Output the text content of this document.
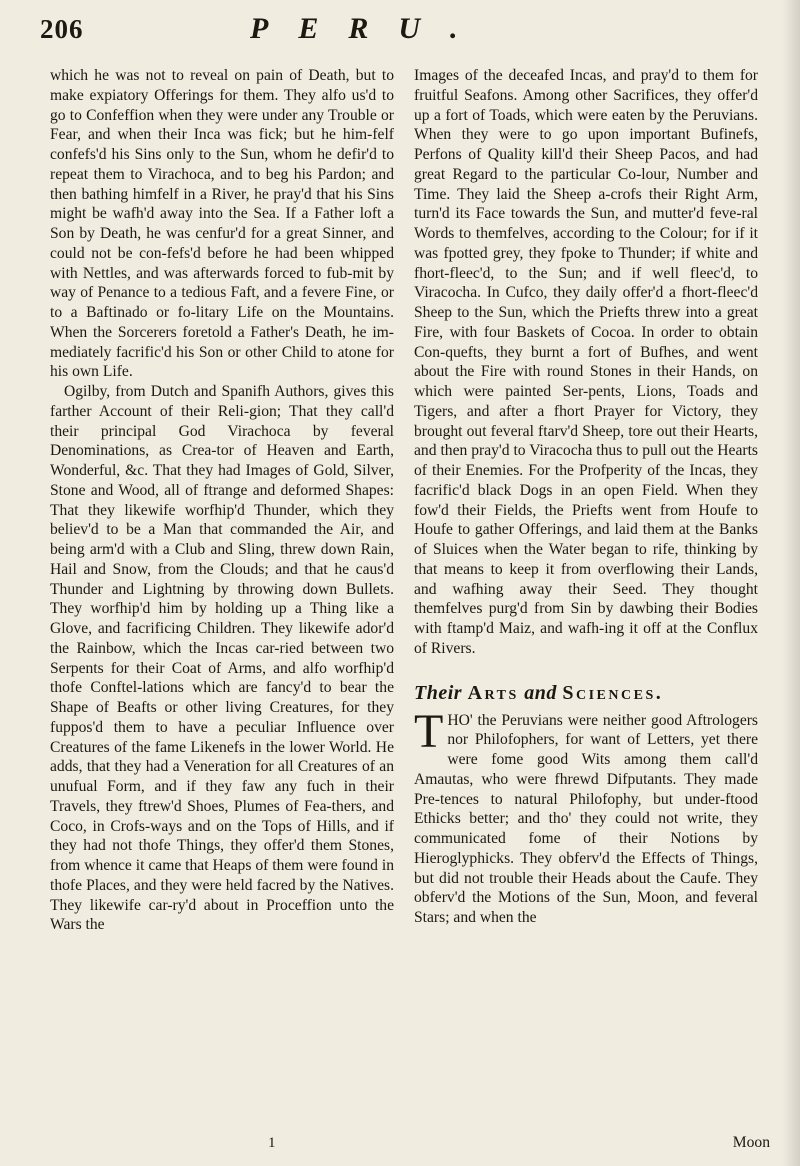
206	PERU.

which he was not to reveal on pain of Death, but to make expiatory Offerings for them. They alfo us'd to go to Confeffion when they were under any Trouble or Fear, and when their Inca was fick; but he him-felf confefs'd his Sins only to the Sun, whom he defir'd to repeat them to Virachoca, and to beg his Pardon; and then bathing himfelf in a River, he pray'd that his Sins might be wafh'd away into the Sea. If a Father loft a Son by Death, he was cenfur'd for a great Sinner, and could not be con-fefs'd before he had been whipped with Nettles, and was afterwards forced to fub-mit by way of Penance to a tedious Faft, and a fevere Fine, or to a Baftinado or fo-litary Life on the Mountains. When the Sorcerers foretold a Father's Death, he im-mediately facrific'd his Son or other Child to atone for his own Life.

Ogilby, from Dutch and Spanifh Authors, gives this farther Account of their Reli-gion; That they call'd their principal God Virachoca by feveral Denominations, as Crea-tor of Heaven and Earth, Wonderful, &c. That they had Images of Gold, Silver, Stone and Wood, all of ftrange and deformed Shapes: That they likewife worfhip'd Thunder, which they believ'd to be a Man that commanded the Air, and being arm'd with a Club and Sling, threw down Rain, Hail and Snow, from the Clouds; and that he caus'd Thunder and Lightning by throwing down Bullets. They worfhip'd him by holding up a Thing like a Glove, and facrificing Children. They likewife ador'd the Rainbow, which the Incas car-ried between two Serpents for their Coat of Arms, and alfo worfhip'd thofe Conftel-lations which are fancy'd to bear the Shape of Beafts or other living Creatures, for they fuppos'd them to have a peculiar Influence over Creatures of the fame Likenefs in the lower World. He adds, that they had a Veneration for all Creatures of an unufual Form, and if they faw any fuch in their Travels, they ftrew'd Shoes, Plumes of Fea-thers, and Coco, in Crofs-ways and on the Tops of Hills, and if they had not thofe Things, they offer'd them Stones, from whence it came that Heaps of them were found in thofe Places, and they were held facred by the Natives. They likewife car-ry'd about in Proceffion unto the Wars the

Images of the deceafed Incas, and pray'd to them for fruitful Seafons. Among other Sacrifices, they offer'd up a fort of Toads, which were eaten by the Peruvians. When they were to go upon important Bufinefs, Perfons of Quality kill'd their Sheep Pacos, and had great Regard to the particular Co-lour, Number and Time. They laid the Sheep a-crofs their Right Arm, turn'd its Face towards the Sun, and mutter'd feve-ral Words to themfelves, according to the Colour; for if it was fpotted grey, they fpoke to Thunder; if white and fhort-fleec'd, to the Sun; and if well fleec'd, to Viracocha. In Cufco, they daily offer'd a fhort-fleec'd Sheep to the Sun, which the Priefts threw into a great Fire, with four Baskets of Cocoa. In order to obtain Con-quefts, they burnt a fort of Bufhes, and went about the Fire with round Stones in their Hands, on which were painted Ser-pents, Lions, Toads and Tigers, and after a fhort Prayer for Victory, they brought out feveral ftarv'd Sheep, tore out their Hearts, and then pray'd to Viracocha thus to pull out the Hearts of their Enemies. For the Profperity of the Incas, they facrific'd black Dogs in an open Field. When they fow'd their Fields, the Priefts went from Houfe to Houfe to gather Offerings, and laid them at the Banks of Sluices when the Water began to rife, thinking by that means to keep it from overflowing their Lands, and wafhing away their Seed. They thought themfelves purg'd from Sin by dawbing their Bodies with ftamp'd Maiz, and wafh-ing it off at the Conflux of Rivers.

Their Arts and Sciences.

THO' the Peruvians were neither good Aftrologers nor Philofophers, for want of Letters, yet there were fome good Wits among them call'd Amautas, who were fhrewd Difputants. They made Pre-tences to natural Philofophy, but under-ftood Ethicks better; and tho' they could not write, they communicated fome of their Notions by Hieroglyphicks. They obferv'd the Effects of Things, but did not trouble their Heads about the Caufe. They obferv'd the Motions of the Sun, Moon, and feveral Stars; and when the

1	Moon
